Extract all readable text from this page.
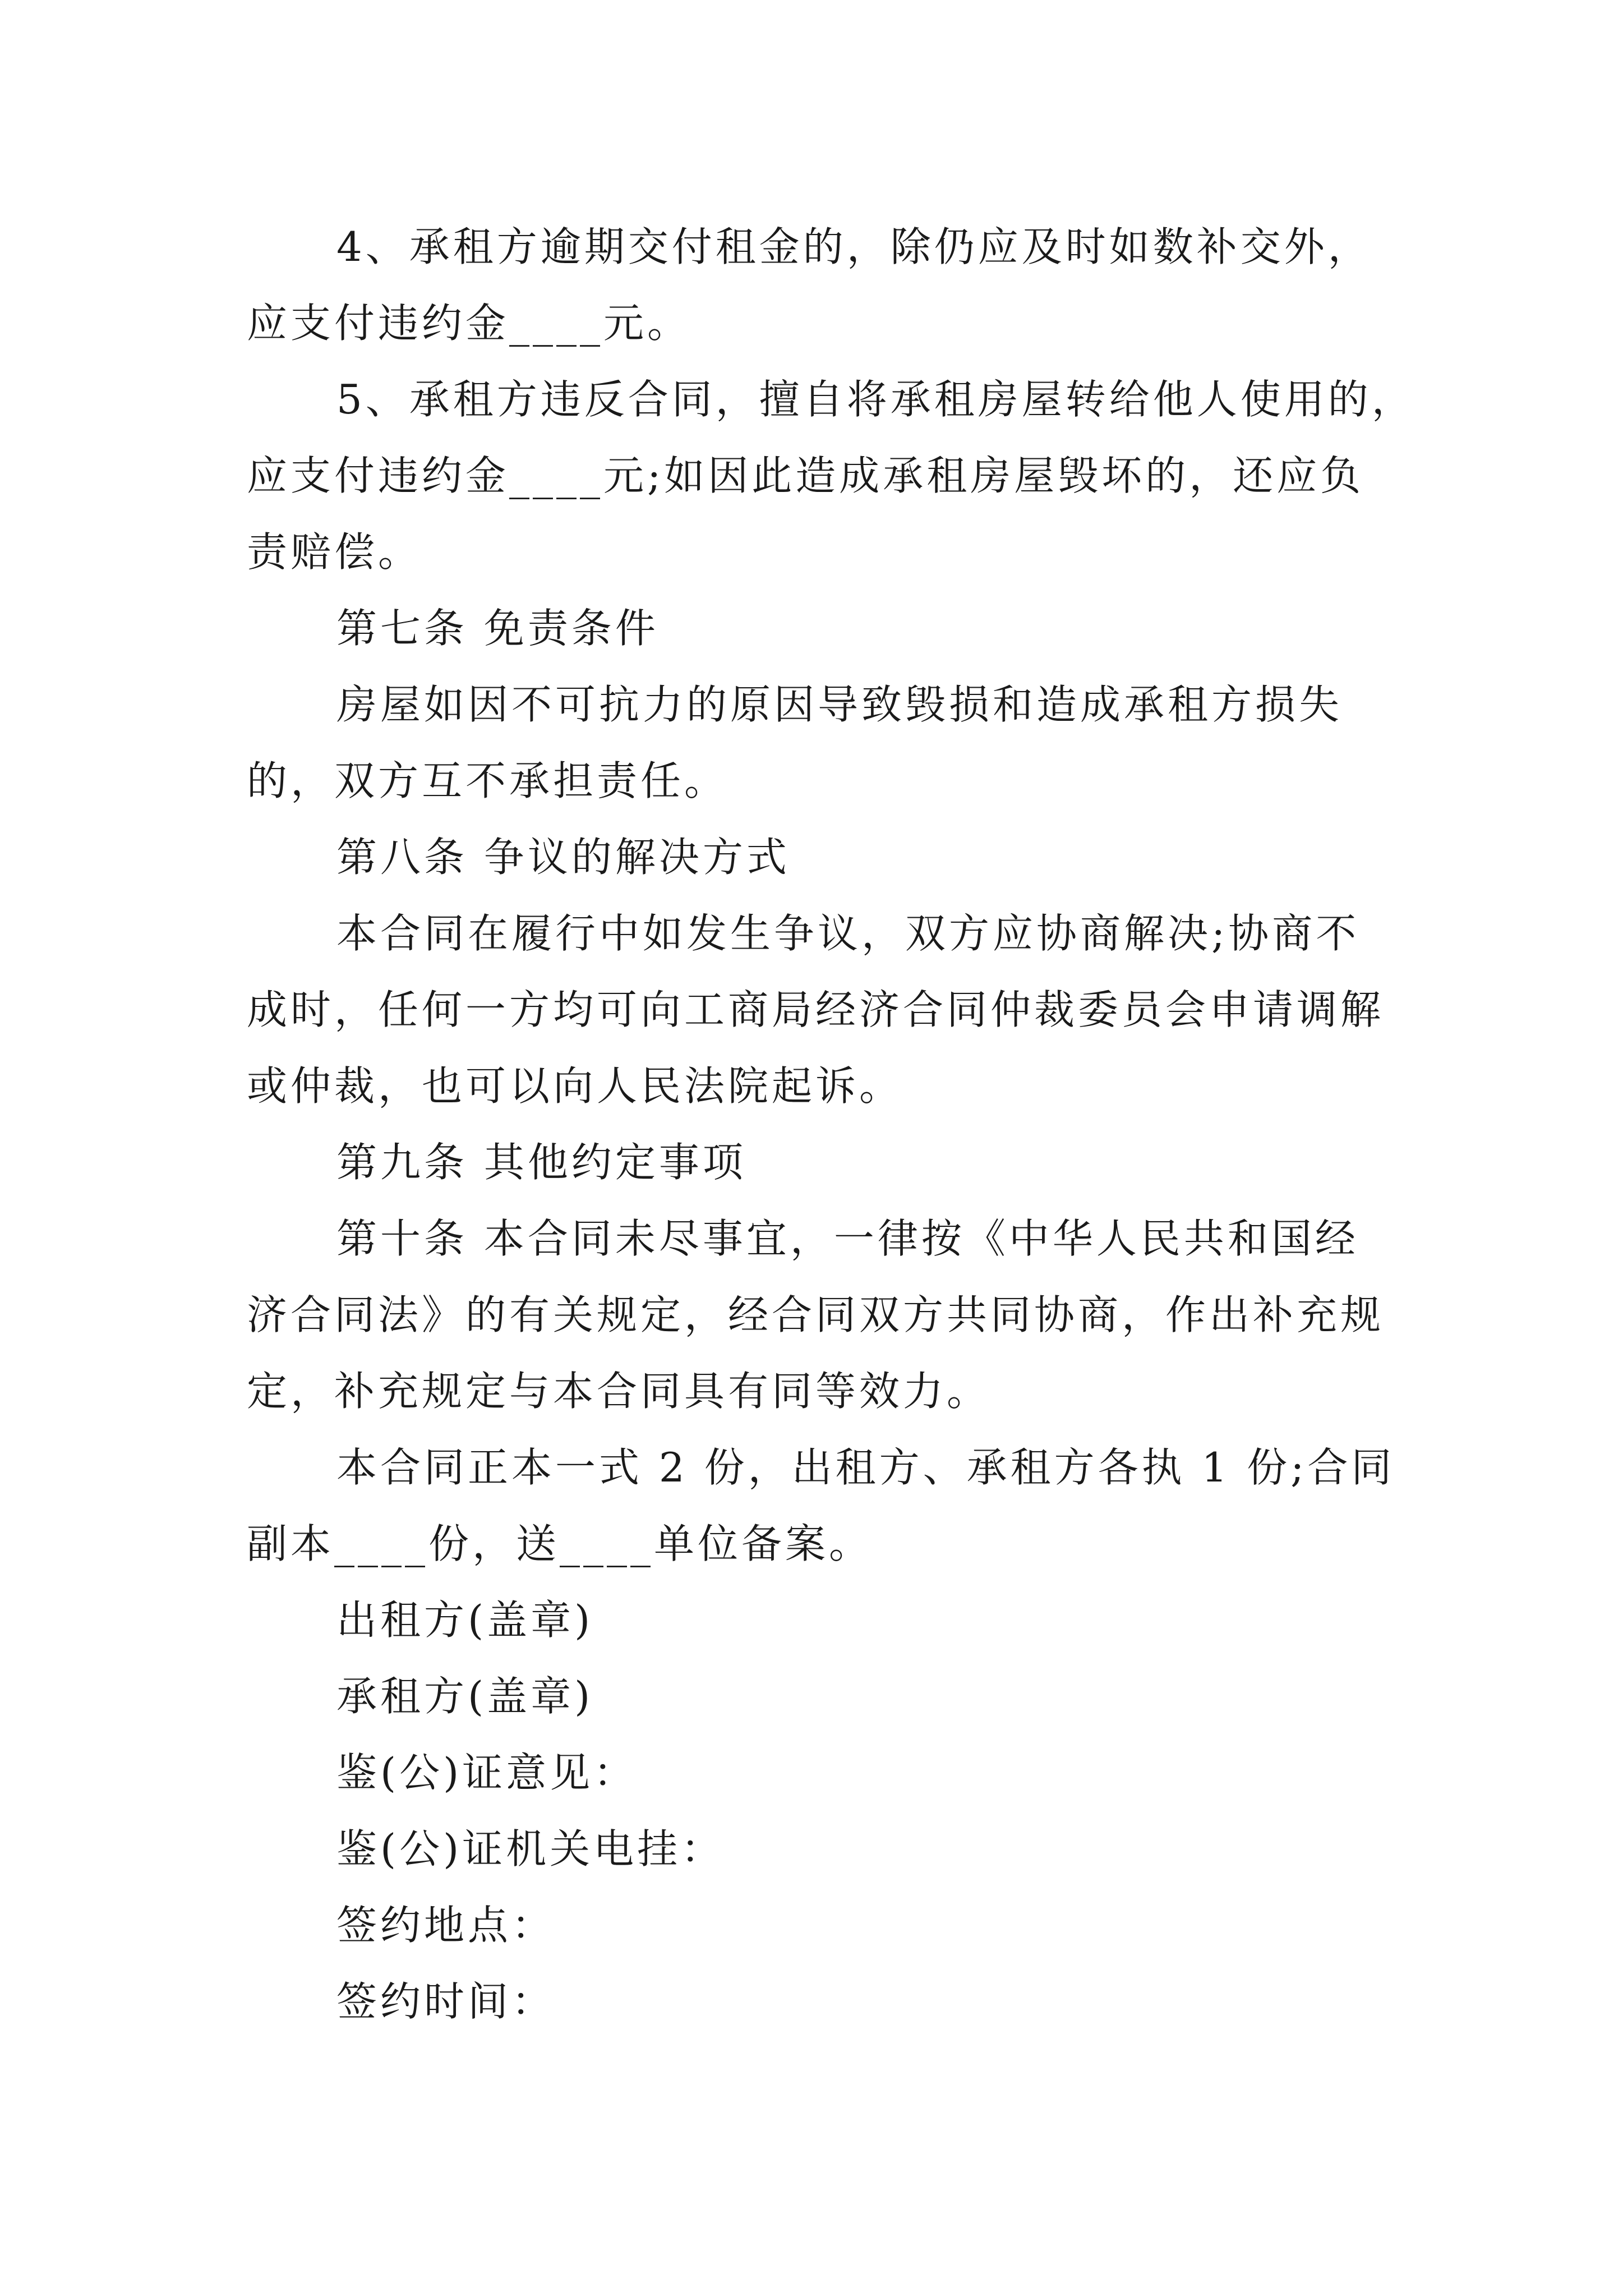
4、承租方逾期交付租金的，除仍应及时如数补交外，
应支付违约金____元。
5、承租方违反合同，擅自将承租房屋转给他人使用的，
应支付违约金____元;如因此造成承租房屋毁坏的，还应负
责赔偿。
第七条 免责条件
房屋如因不可抗力的原因导致毁损和造成承租方损失
的，双方互不承担责任。
第八条 争议的解决方式
本合同在履行中如发生争议，双方应协商解决;协商不
成时，任何一方均可向工商局经济合同仲裁委员会申请调解
或仲裁，也可以向人民法院起诉。
第九条 其他约定事项
第十条 本合同未尽事宜，一律按《中华人民共和国经
济合同法》的有关规定，经合同双方共同协商，作出补充规
定，补充规定与本合同具有同等效力。
本合同正本一式 2 份，出租方、承租方各执 1 份;合同
副本____份，送____单位备案。
出租方(盖章)
承租方(盖章)
鉴(公)证意见：
鉴(公)证机关电挂：
签约地点：
签约时间：
